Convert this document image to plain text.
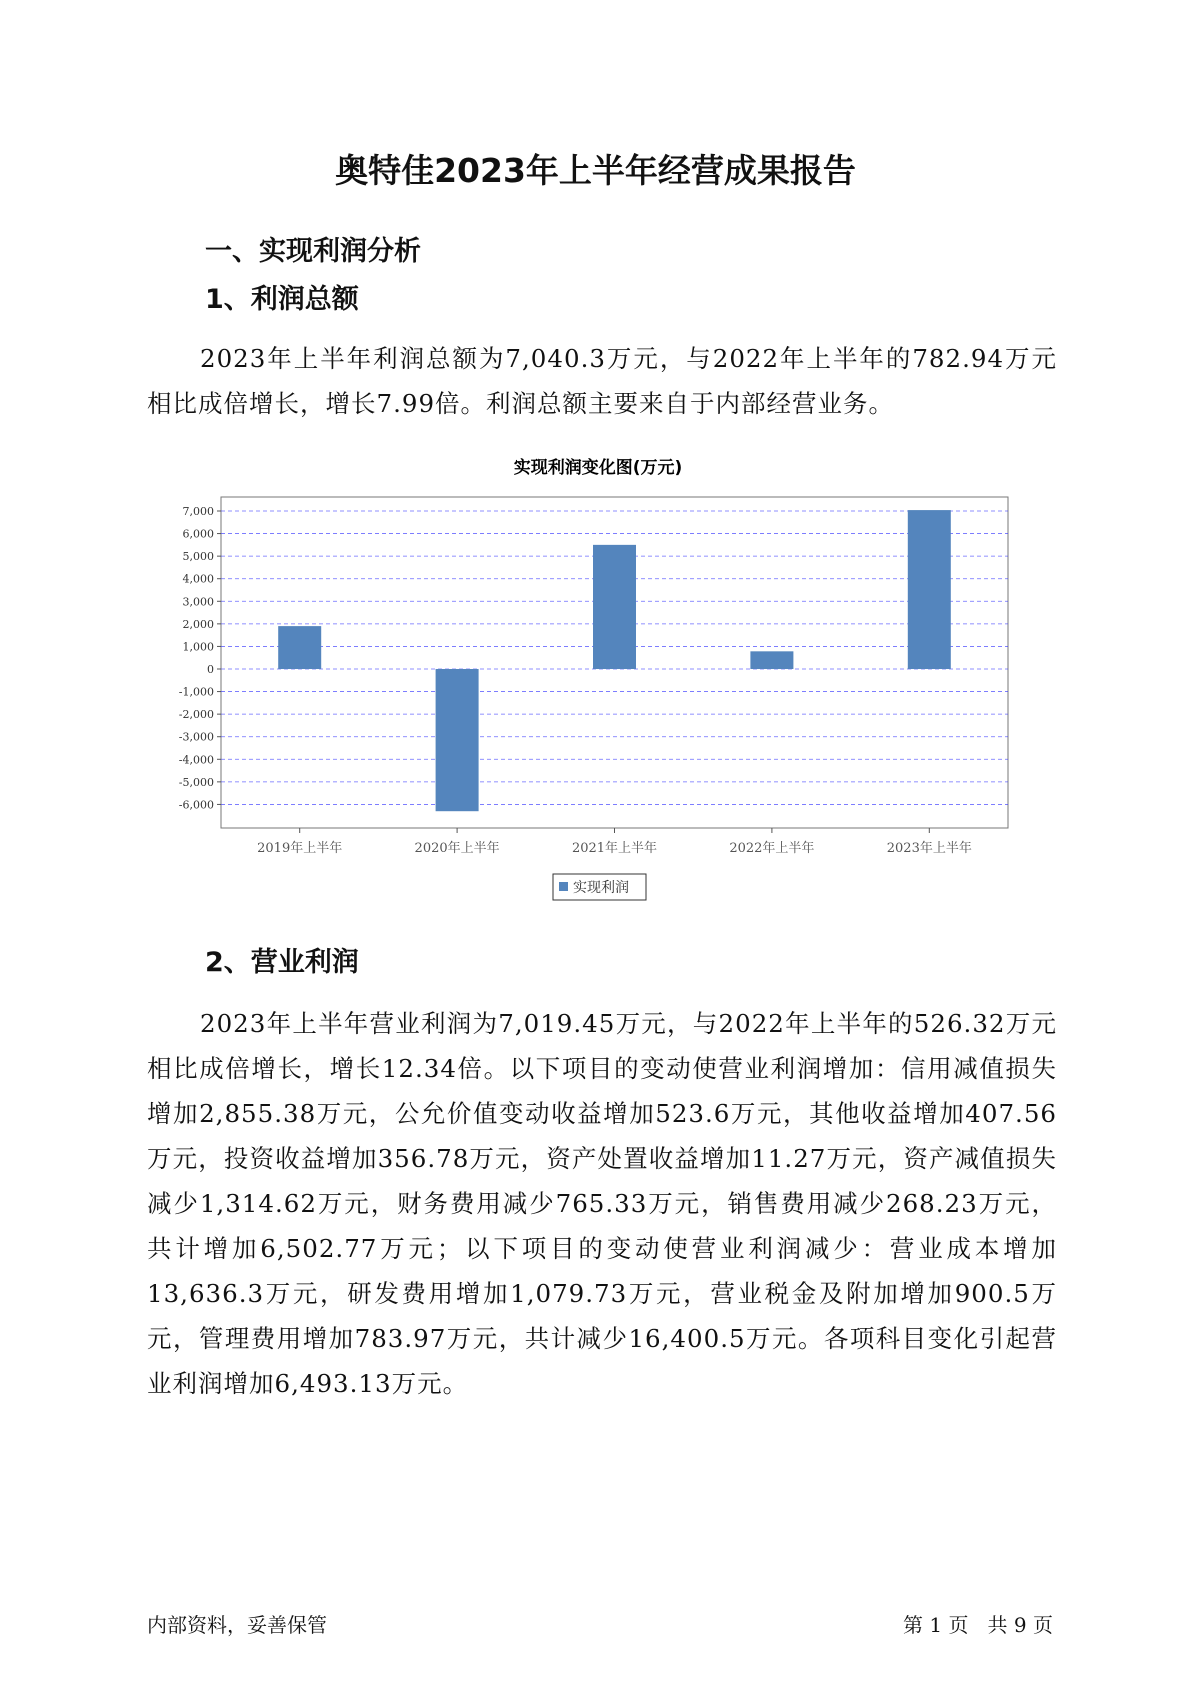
奥特佳2023年上半年经营成果报告
一、实现利润分析
1、利润总额

2023年上半年利润总额为7,040.3万元，与2022年上半年的782.94万元相比成倍增长，增长7.99倍。利润总额主要来自于内部经营业务。

实现利润变化图(万元)
7,000
6,000
5,000
4,000
3,000
2,000
1,000
0
-1,000
-2,000
-3,000
-4,000
-5,000
-6,000
2019年上半年	2020年上半年	2021年上半年	2022年上半年	2023年上半年
实现利润

2023年上半年营业利润为7,019.45万元，与2022年上半年的526.32万元相比成倍增长，增长12.34倍。以下项目的变动使营业利润增加：信用减值损失增加2,855.38万元，公允价值变动收益增加523.6万元，其他收益增加407.56万元，投资收益增加356.78万元，资产处置收益增加11.27万元，资产减值损失减少1,314.62万元，财务费用减少765.33万元，销售费用减少268.23万元，共计增加6,502.77万元；以下项目的变动使营业利润减少：营业成本增加13,636.3万元，研发费用增加1,079.73万元，营业税金及附加增加900.5万元，管理费用增加783.97万元，共计减少16,400.5万元。各项科目变化引起营业利润增加6,493.13万元。

2、营业利润
内部资料，妥善保管	第 1 页   共 9 页
